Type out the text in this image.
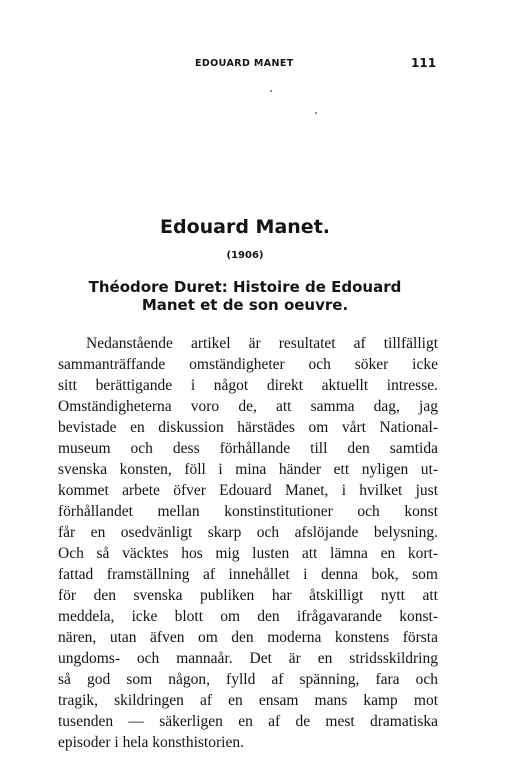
EDOUARD MANET	111
Edouard Manet.
(1906)
Théodore Duret: Histoire de Edouard
Manet et de son oeuvre.
Nedanstående artikel är resultatet af tillfälligt
sammanträffande omständigheter och söker icke
sitt berättigande i något direkt aktuellt intresse.
Omständigheterna voro de, att samma dag, jag
bevistade en diskussion härstädes om vårt National-
museum och dess förhållande till den samtida
svenska konsten, föll i mina händer ett nyligen ut-
kommet arbete öfver Edouard Manet, i hvilket just
förhållandet mellan konstinstitutioner och konst
får en osedvänligt skarp och afslöjande belysning.
Och så väcktes hos mig lusten att lämna en kort-
fattad framställning af innehållet i denna bok, som
för den svenska publiken har åtskilligt nytt att
meddela, icke blott om den ifrågavarande konst-
nären, utan äfven om den moderna konstens första
ungdoms- och mannaår. Det är en stridsskildring
så god som någon, fylld af spänning, fara och
tragik, skildringen af en ensam mans kamp mot
tusenden — säkerligen en af de mest dramatiska
episoder i hela konsthistorien.
